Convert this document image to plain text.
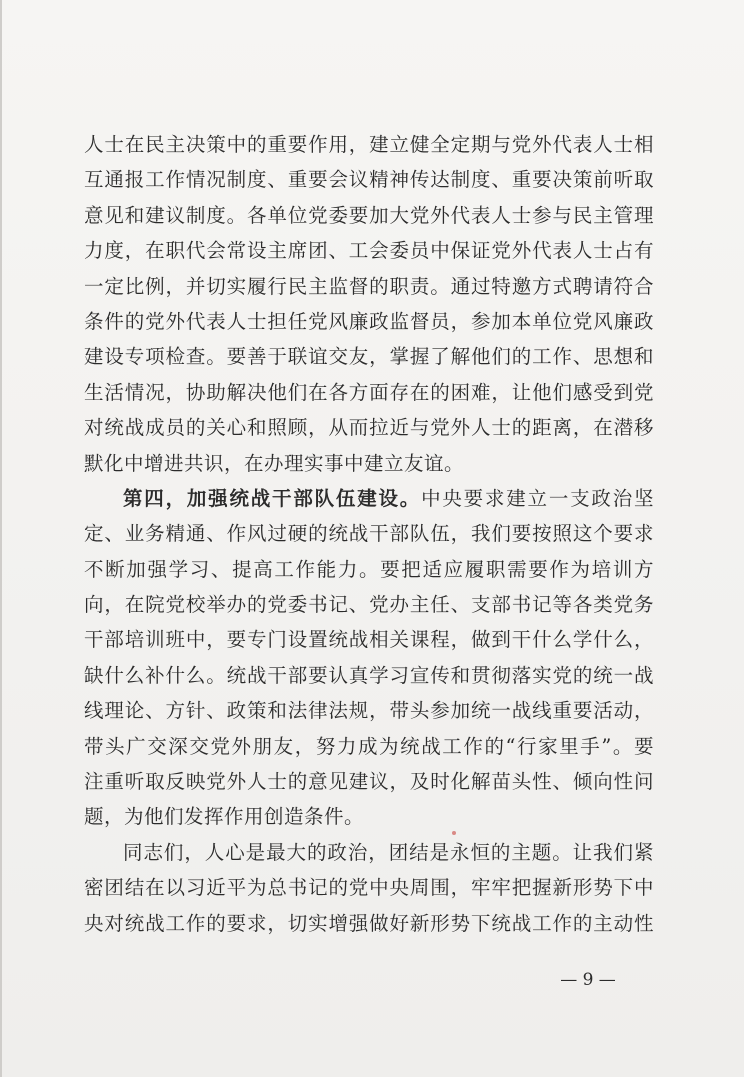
人士在民主决策中的重要作用，建立健全定期与党外代表人士相
互通报工作情况制度、重要会议精神传达制度、重要决策前听取
意见和建议制度。各单位党委要加大党外代表人士参与民主管理
力度，在职代会常设主席团、工会委员中保证党外代表人士占有
一定比例，并切实履行民主监督的职责。通过特邀方式聘请符合
条件的党外代表人士担任党风廉政监督员，参加本单位党风廉政
建设专项检查。要善于联谊交友，掌握了解他们的工作、思想和
生活情况，协助解决他们在各方面存在的困难，让他们感受到党
对统战成员的关心和照顾，从而拉近与党外人士的距离，在潜移
默化中增进共识，在办理实事中建立友谊。
第四，加强统战干部队伍建设。中央要求建立一支政治坚
定、业务精通、作风过硬的统战干部队伍，我们要按照这个要求
不断加强学习、提高工作能力。要把适应履职需要作为培训方
向，在院党校举办的党委书记、党办主任、支部书记等各类党务
干部培训班中，要专门设置统战相关课程，做到干什么学什么，
缺什么补什么。统战干部要认真学习宣传和贯彻落实党的统一战
线理论、方针、政策和法律法规，带头参加统一战线重要活动，
带头广交深交党外朋友，努力成为统战工作的“行家里手”。要
注重听取反映党外人士的意见建议，及时化解苗头性、倾向性问
题，为他们发挥作用创造条件。
同志们，人心是最大的政治，团结是永恒的主题。让我们紧
密团结在以习近平为总书记的党中央周围，牢牢把握新形势下中
央对统战工作的要求，切实增强做好新形势下统战工作的主动性
— 9 —
